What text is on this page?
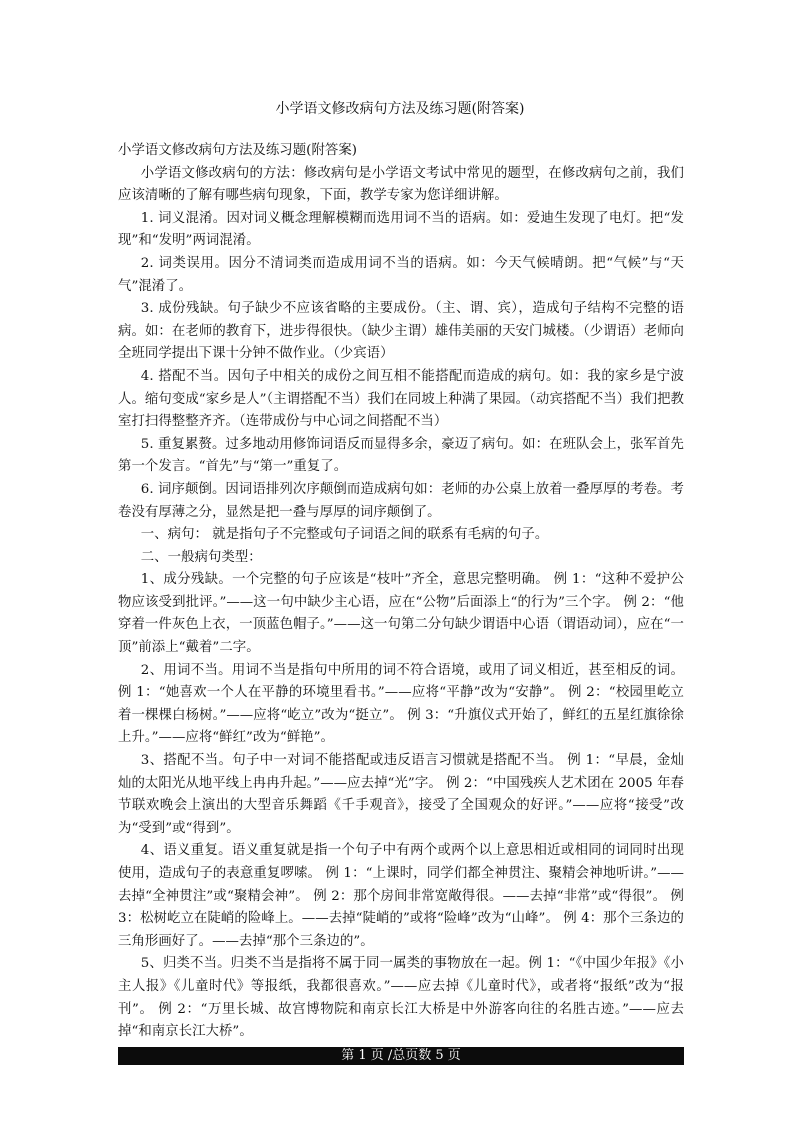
小学语文修改病句方法及练习题(附答案)

小学语文修改病句方法及练习题(附答案)

小学语文修改病句的方法：修改病句是小学语文考试中常见的题型，在修改病句之前，我们应该清晰的了解有哪些病句现象，下面，教学专家为您详细讲解。

1. 词义混淆。因对词义概念理解模糊而选用词不当的语病。如：爱迪生发现了电灯。把“发现”和“发明”两词混淆。

2. 词类误用。因分不清词类而造成用词不当的语病。如：今天气候晴朗。把“气候”与“天气”混淆了。

3. 成份残缺。句子缺少不应该省略的主要成份。（主、谓、宾），造成句子结构不完整的语病。如：在老师的教育下，进步得很快。（缺少主谓）雄伟美丽的天安门城楼。（少谓语）老师向全班同学提出下课十分钟不做作业。（少宾语）

4. 搭配不当。因句子中相关的成份之间互相不能搭配而造成的病句。如：我的家乡是宁波人。缩句变成“家乡是人”（主谓搭配不当）我们在同坡上种满了果园。（动宾搭配不当）我们把教室打扫得整整齐齐。（连带成份与中心词之间搭配不当）

5. 重复累赘。过多地动用修饰词语反而显得多余，豪迈了病句。如：在班队会上，张军首先第一个发言。“首先”与“第一”重复了。

6. 词序颠倒。因词语排列次序颠倒而造成病句如：老师的办公桌上放着一叠厚厚的考卷。考卷没有厚薄之分，显然是把一叠与厚厚的词序颠倒了。

一、病句： 就是指句子不完整或句子词语之间的联系有毛病的句子。

二、一般病句类型：

1、成分残缺。一个完整的句子应该是“枝叶”齐全，意思完整明确。 例 1：“这种不爱护公物应该受到批评。”——这一句中缺少主心语，应在“公物”后面添上“的行为”三个字。 例 2：“他穿着一件灰色上衣，一顶蓝色帽子。”——这一句第二分句缺少谓语中心语（谓语动词），应在“一顶”前添上“戴着”二字。

2、用词不当。用词不当是指句中所用的词不符合语境，或用了词义相近，甚至相反的词。 例 1：“她喜欢一个人在平静的环境里看书。”——应将“平静”改为“安静”。 例 2：“校园里屹立着一棵棵白杨树。”——应将“屹立”改为“挺立”。 例 3：“升旗仪式开始了，鲜红的五星红旗徐徐上升。”——应将“鲜红”改为“鲜艳”。

3、搭配不当。句子中一对词不能搭配或违反语言习惯就是搭配不当。 例 1：“早晨，金灿灿的太阳光从地平线上冉冉升起。”——应去掉“光”字。 例 2：“中国残疾人艺术团在 2005 年春节联欢晚会上演出的大型音乐舞蹈《千手观音》，接受了全国观众的好评。”——应将“接受”改为“受到”或“得到”。

4、语义重复。语义重复就是指一个句子中有两个或两个以上意思相近或相同的词同时出现使用，造成句子的表意重复啰嗦。 例 1：“上课时，同学们都全神贯注、聚精会神地听讲。”——去掉“全神贯注”或“聚精会神”。 例 2：那个房间非常宽敞得很。——去掉“非常”或“得很”。 例 3：松树屹立在陡峭的险峰上。——去掉“陡峭的”或将“险峰”改为“山峰”。 例 4：那个三条边的三角形画好了。——去掉“那个三条边的”。

5、归类不当。归类不当是指将不属于同一属类的事物放在一起。例 1：“《中国少年报》《小主人报》《儿童时代》等报纸，我都很喜欢。”——应去掉《儿童时代》，或者将“报纸”改为“报刊”。 例 2：“万里长城、故宫博物院和南京长江大桥是中外游客向往的名胜古迹。”——应去掉“和南京长江大桥”。

第 1 页 /总页数 5 页
